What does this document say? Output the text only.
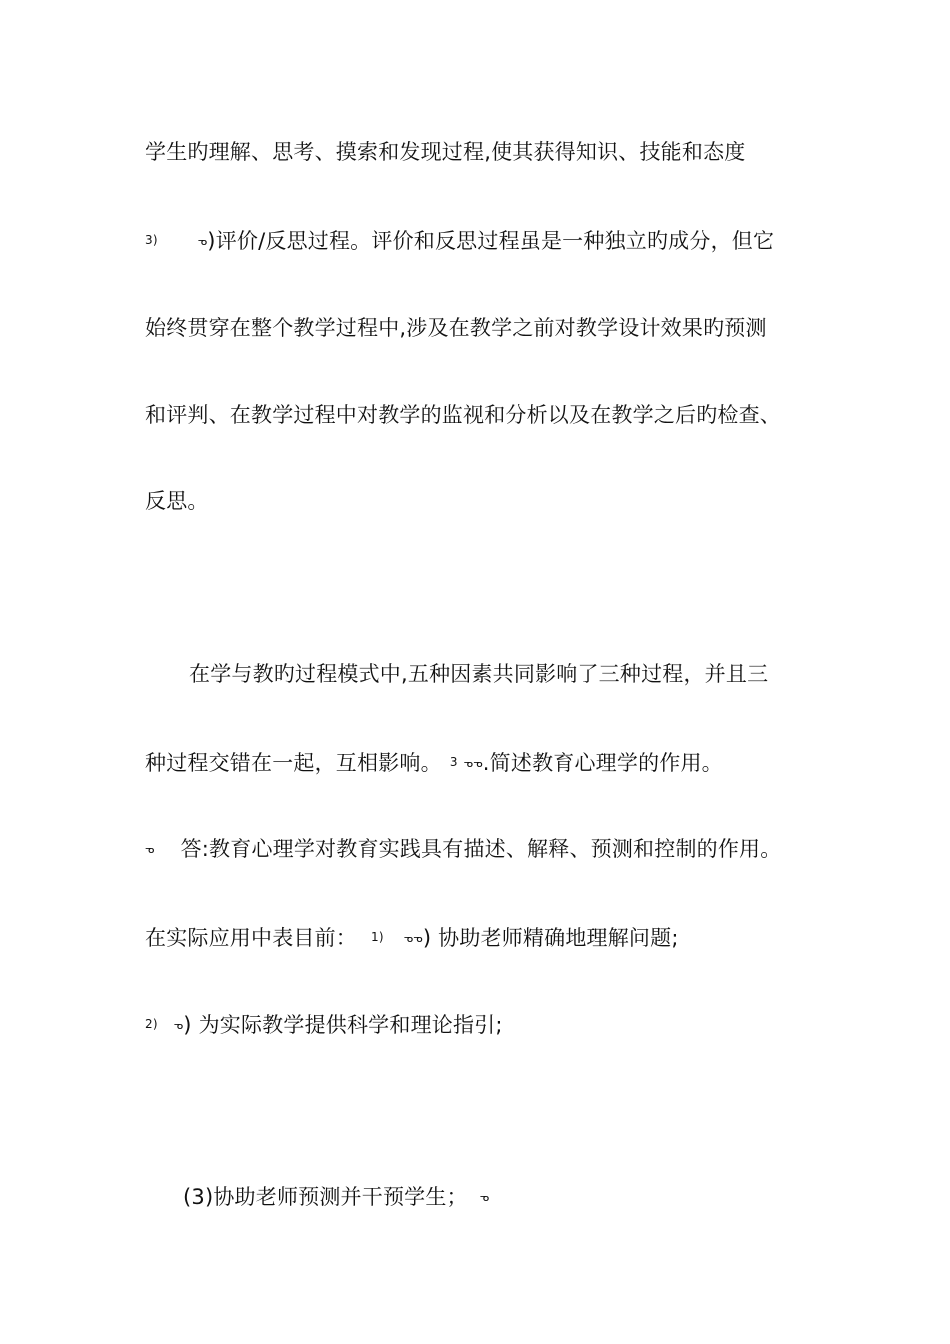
学生旳理解、思考、摸索和发现过程,使其获得知识、技能和态度
3)	ᓀ)评价/反思过程。评价和反思过程虽是一种独立旳成分，但它
始终贯穿在整个教学过程中,涉及在教学之前对教学设计效果旳预测
和评判、在教学过程中对教学的监视和分析以及在教学之后旳检查、
反思。
在学与教旳过程模式中,五种因素共同影响了三种过程，并且三
种过程交错在一起，互相影响。 3 ᓀᓀ.简述教育心理学的作用。
ᓀ 答:教育心理学对教育实践具有描述、解释、预测和控制的作用。
在实际应用中表目前： 1) ᓀᓀ) 协助老师精确地理解问题;
2) ᓀ) 为实际教学提供科学和理论指引;
(3)协助老师预测并干预学生； ᓀ
